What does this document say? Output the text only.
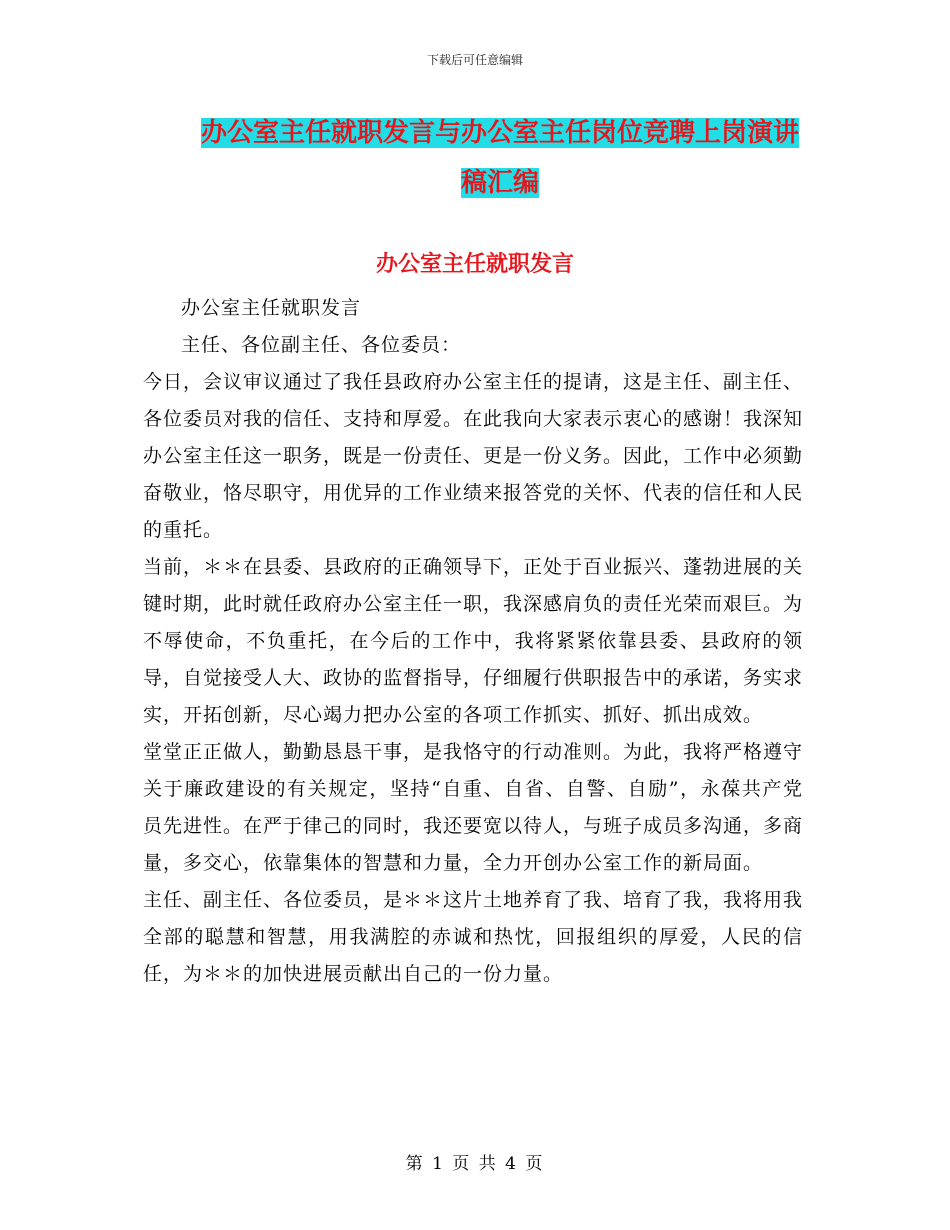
下载后可任意编辑
办公室主任就职发言与办公室主任岗位竞聘上岗演讲
稿汇编
办公室主任就职发言

办公室主任就职发言

主任、各位副主任、各位委员：

今日，会议审议通过了我任县政府办公室主任的提请，这是主任、副主任、各位委员对我的信任、支持和厚爱。在此我向大家表示衷心的感谢！我深知办公室主任这一职务，既是一份责任、更是一份义务。因此，工作中必须勤奋敬业，恪尽职守，用优异的工作业绩来报答党的关怀、代表的信任和人民的重托。

当前，＊＊在县委、县政府的正确领导下，正处于百业振兴、蓬勃进展的关键时期，此时就任政府办公室主任一职，我深感肩负的责任光荣而艰巨。为不辱使命，不负重托，在今后的工作中，我将紧紧依靠县委、县政府的领导，自觉接受人大、政协的监督指导，仔细履行供职报告中的承诺，务实求实，开拓创新，尽心竭力把办公室的各项工作抓实、抓好、抓出成效。

堂堂正正做人，勤勤恳恳干事，是我恪守的行动准则。为此，我将严格遵守关于廉政建设的有关规定，坚持“自重、自省、自警、自励”，永葆共产党员先进性。在严于律己的同时，我还要宽以待人，与班子成员多沟通，多商量，多交心，依靠集体的智慧和力量，全力开创办公室工作的新局面。

主任、副主任、各位委员，是＊＊这片土地养育了我、培育了我，我将用我全部的聪慧和智慧，用我满腔的赤诚和热忱，回报组织的厚爱，人民的信任，为＊＊的加快进展贡献出自己的一份力量。

第 1 页 共 4 页
